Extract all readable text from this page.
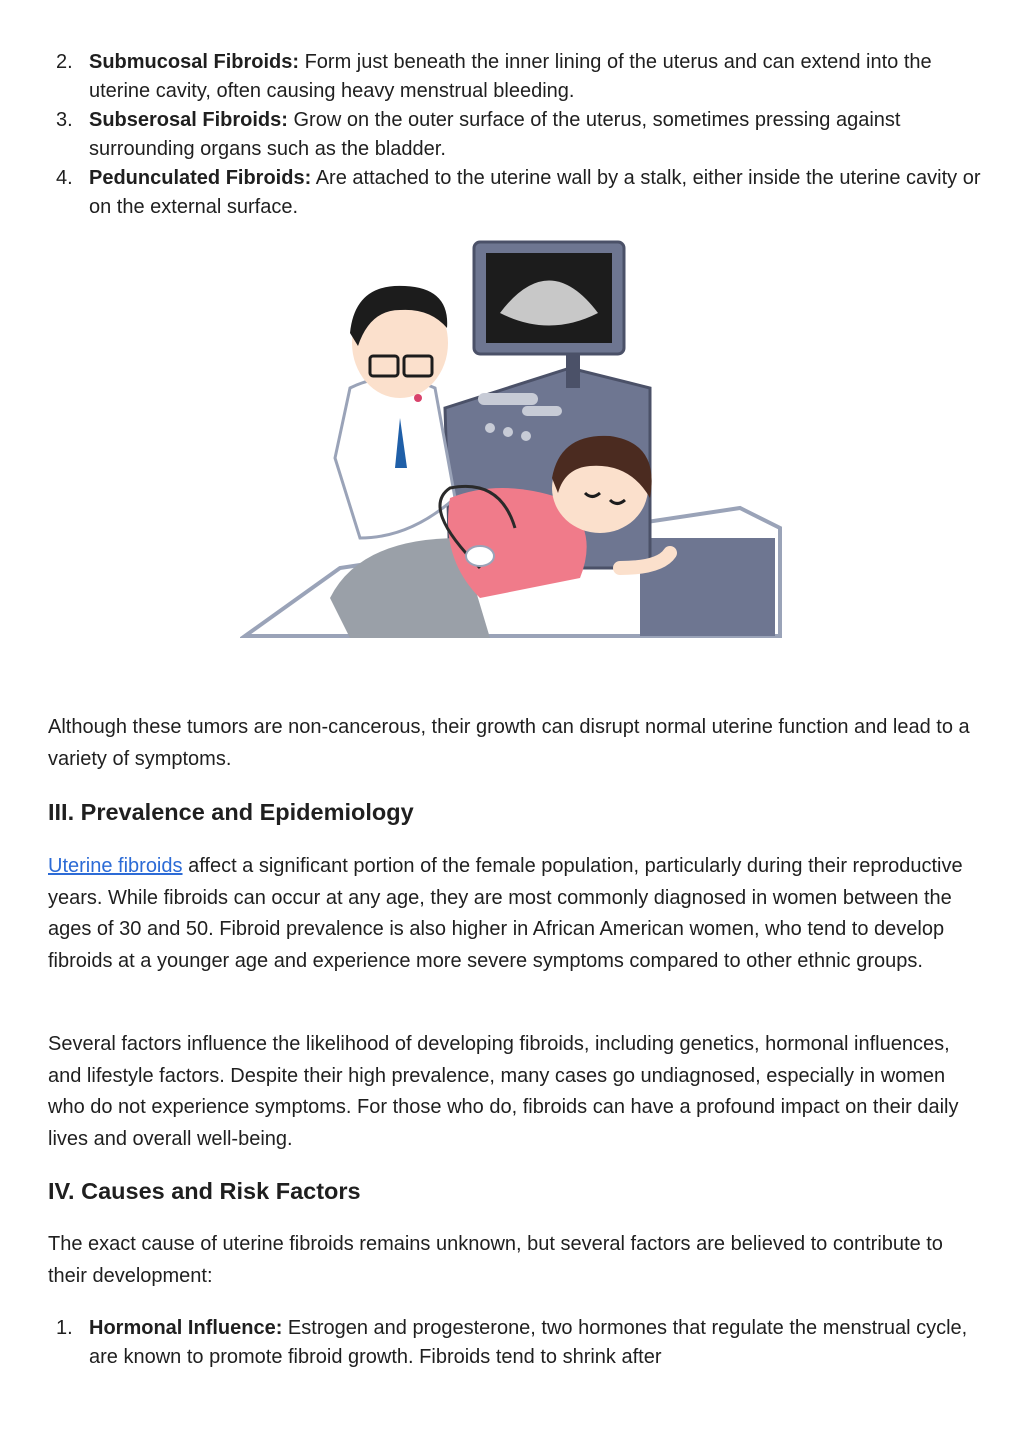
2. Submucosal Fibroids: Form just beneath the inner lining of the uterus and can extend into the uterine cavity, often causing heavy menstrual bleeding.
3. Subserosal Fibroids: Grow on the outer surface of the uterus, sometimes pressing against surrounding organs such as the bladder.
4. Pedunculated Fibroids: Are attached to the uterine wall by a stalk, either inside the uterine cavity or on the external surface.

Although these tumors are non-cancerous, their growth can disrupt normal uterine function and lead to a variety of symptoms.

III. Prevalence and Epidemiology

Uterine fibroids affect a significant portion of the female population, particularly during their reproductive years. While fibroids can occur at any age, they are most commonly diagnosed in women between the ages of 30 and 50. Fibroid prevalence is also higher in African American women, who tend to develop fibroids at a younger age and experience more severe symptoms compared to other ethnic groups.

Several factors influence the likelihood of developing fibroids, including genetics, hormonal influences, and lifestyle factors. Despite their high prevalence, many cases go undiagnosed, especially in women who do not experience symptoms. For those who do, fibroids can have a profound impact on their daily lives and overall well-being.

IV. Causes and Risk Factors

The exact cause of uterine fibroids remains unknown, but several factors are believed to contribute to their development:

1. Hormonal Influence: Estrogen and progesterone, two hormones that regulate the menstrual cycle, are known to promote fibroid growth. Fibroids tend to shrink after
